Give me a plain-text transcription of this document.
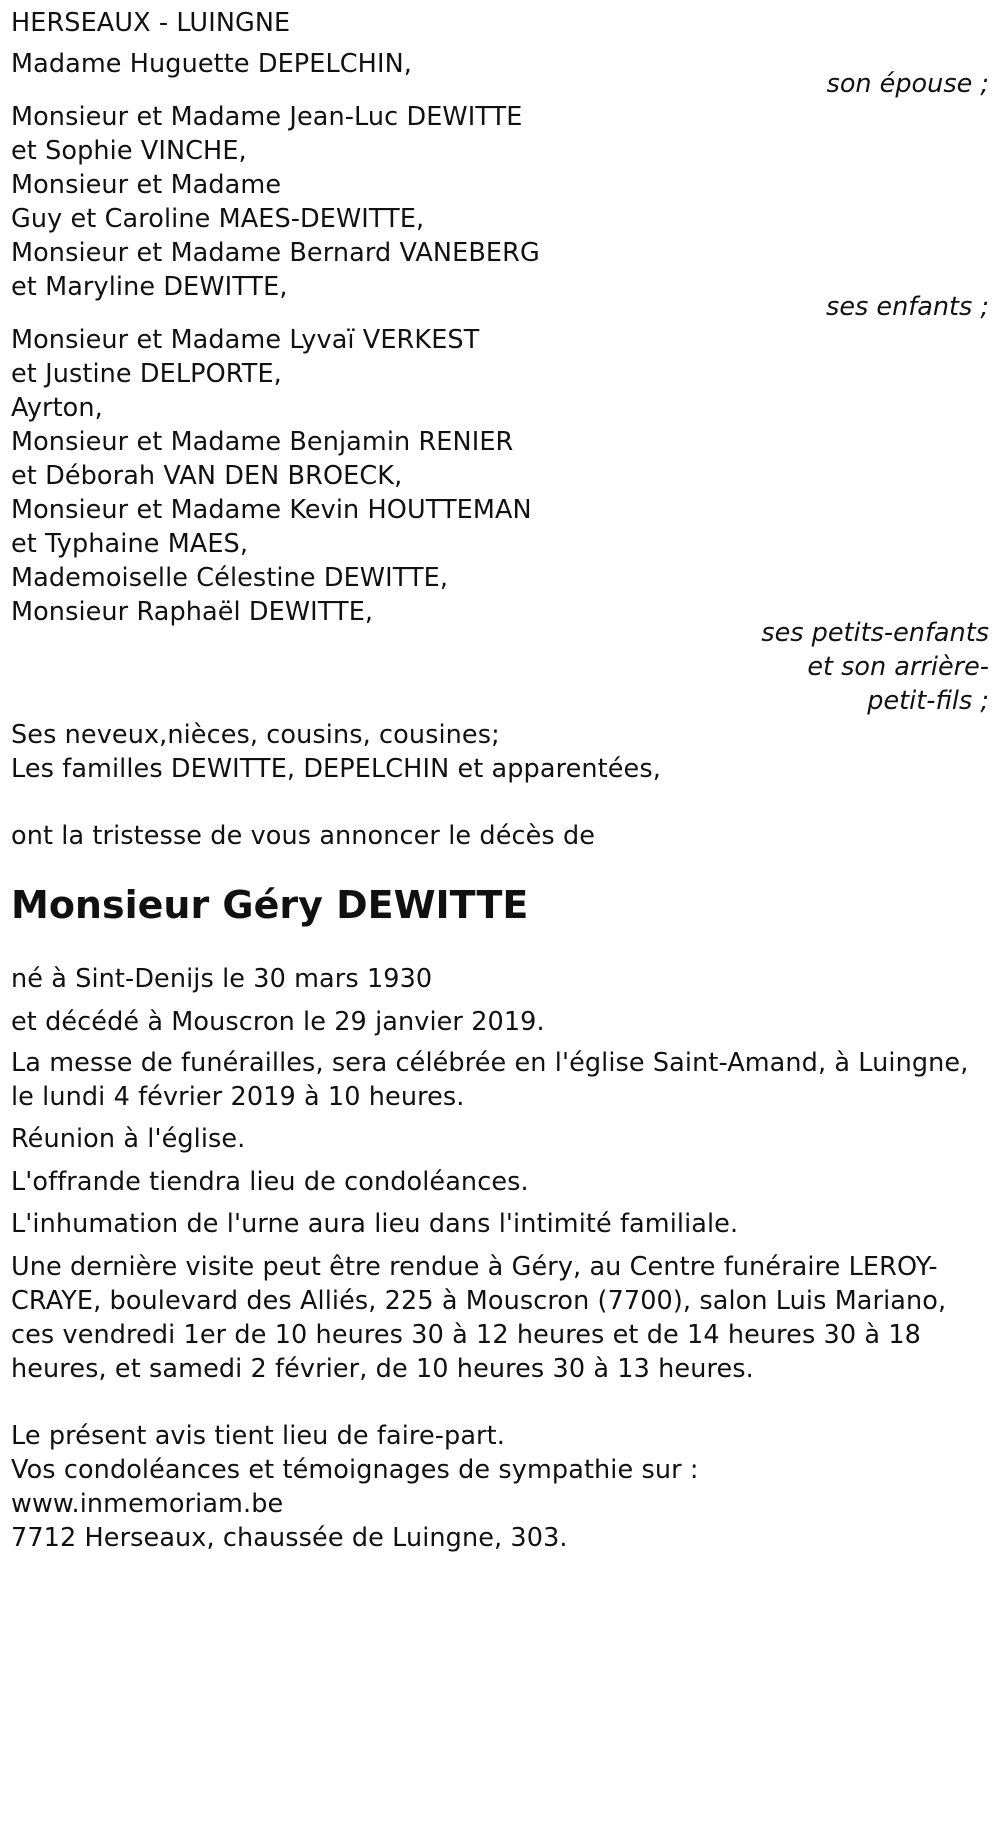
HERSEAUX - LUINGNE
Madame Huguette DEPELCHIN,
son épouse ;
Monsieur et Madame Jean-Luc DEWITTE
et Sophie VINCHE,
Monsieur et Madame
Guy et Caroline MAES-DEWITTE,
Monsieur et Madame Bernard VANEBERG
et Maryline DEWITTE,
ses enfants ;
Monsieur et Madame Lyvaï VERKEST
et Justine DELPORTE,
Ayrton,
Monsieur et Madame Benjamin RENIER
et Déborah VAN DEN BROECK,
Monsieur et Madame Kevin HOUTTEMAN
et Typhaine MAES,
Mademoiselle Célestine DEWITTE,
Monsieur Raphaël DEWITTE,
ses petits-enfants
et son arrière-
petit-fils ;
Ses neveux,nièces, cousins, cousines;
Les familles DEWITTE, DEPELCHIN et apparentées,
ont la tristesse de vous annoncer le décès de
Monsieur Géry DEWITTE
né à Sint-Denijs le 30 mars 1930
et décédé à Mouscron le 29 janvier 2019.
La messe de funérailles, sera célébrée en l'église Saint-Amand, à Luingne,
le lundi 4 février 2019 à 10 heures.
Réunion à l'église.
L'offrande tiendra lieu de condoléances.
L'inhumation de l'urne aura lieu dans l'intimité familiale.
Une dernière visite peut être rendue à Géry, au Centre funéraire LEROY-
CRAYE, boulevard des Alliés, 225 à Mouscron (7700), salon Luis Mariano,
ces vendredi 1er de 10 heures 30 à 12 heures et de 14 heures 30 à 18
heures, et samedi 2 février, de 10 heures 30 à 13 heures.
Le présent avis tient lieu de faire-part.
Vos condoléances et témoignages de sympathie sur :
www.inmemoriam.be
7712 Herseaux, chaussée de Luingne, 303.
